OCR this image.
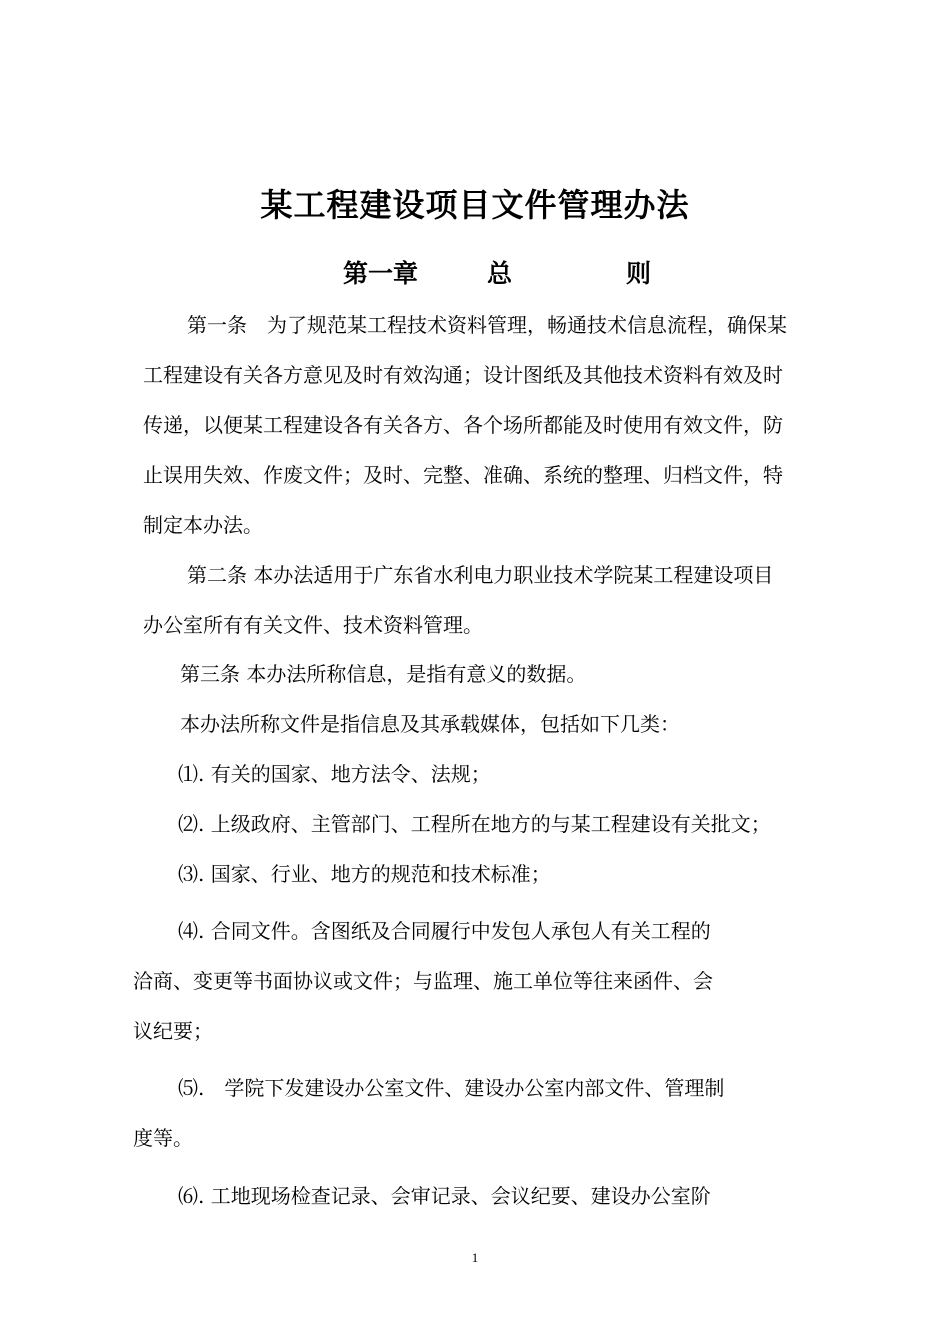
某工程建设项目文件管理办法
第一章	总	则
第一条　为了规范某工程技术资料管理，畅通技术信息流程，确保某
工程建设有关各方意见及时有效沟通；设计图纸及其他技术资料有效及时
传递，以便某工程建设各有关各方、各个场所都能及时使用有效文件，防
止误用失效、作废文件；及时、完整、准确、系统的整理、归档文件，特
制定本办法。
第二条 本办法适用于广东省水利电力职业技术学院某工程建设项目
办公室所有有关文件、技术资料管理。
第三条 本办法所称信息，是指有意义的数据。
本办法所称文件是指信息及其承载媒体，包括如下几类：
⑴. 有关的国家、地方法令、法规；
⑵. 上级政府、主管部门、工程所在地方的与某工程建设有关批文；
⑶. 国家、行业、地方的规范和技术标准；
⑷. 合同文件。含图纸及合同履行中发包人承包人有关工程的
洽商、变更等书面协议或文件；与监理、施工单位等往来函件、会
议纪要；
⑸.　学院下发建设办公室文件、建设办公室内部文件、管理制
度等。
⑹. 工地现场检查记录、会审记录、会议纪要、建设办公室阶
1
